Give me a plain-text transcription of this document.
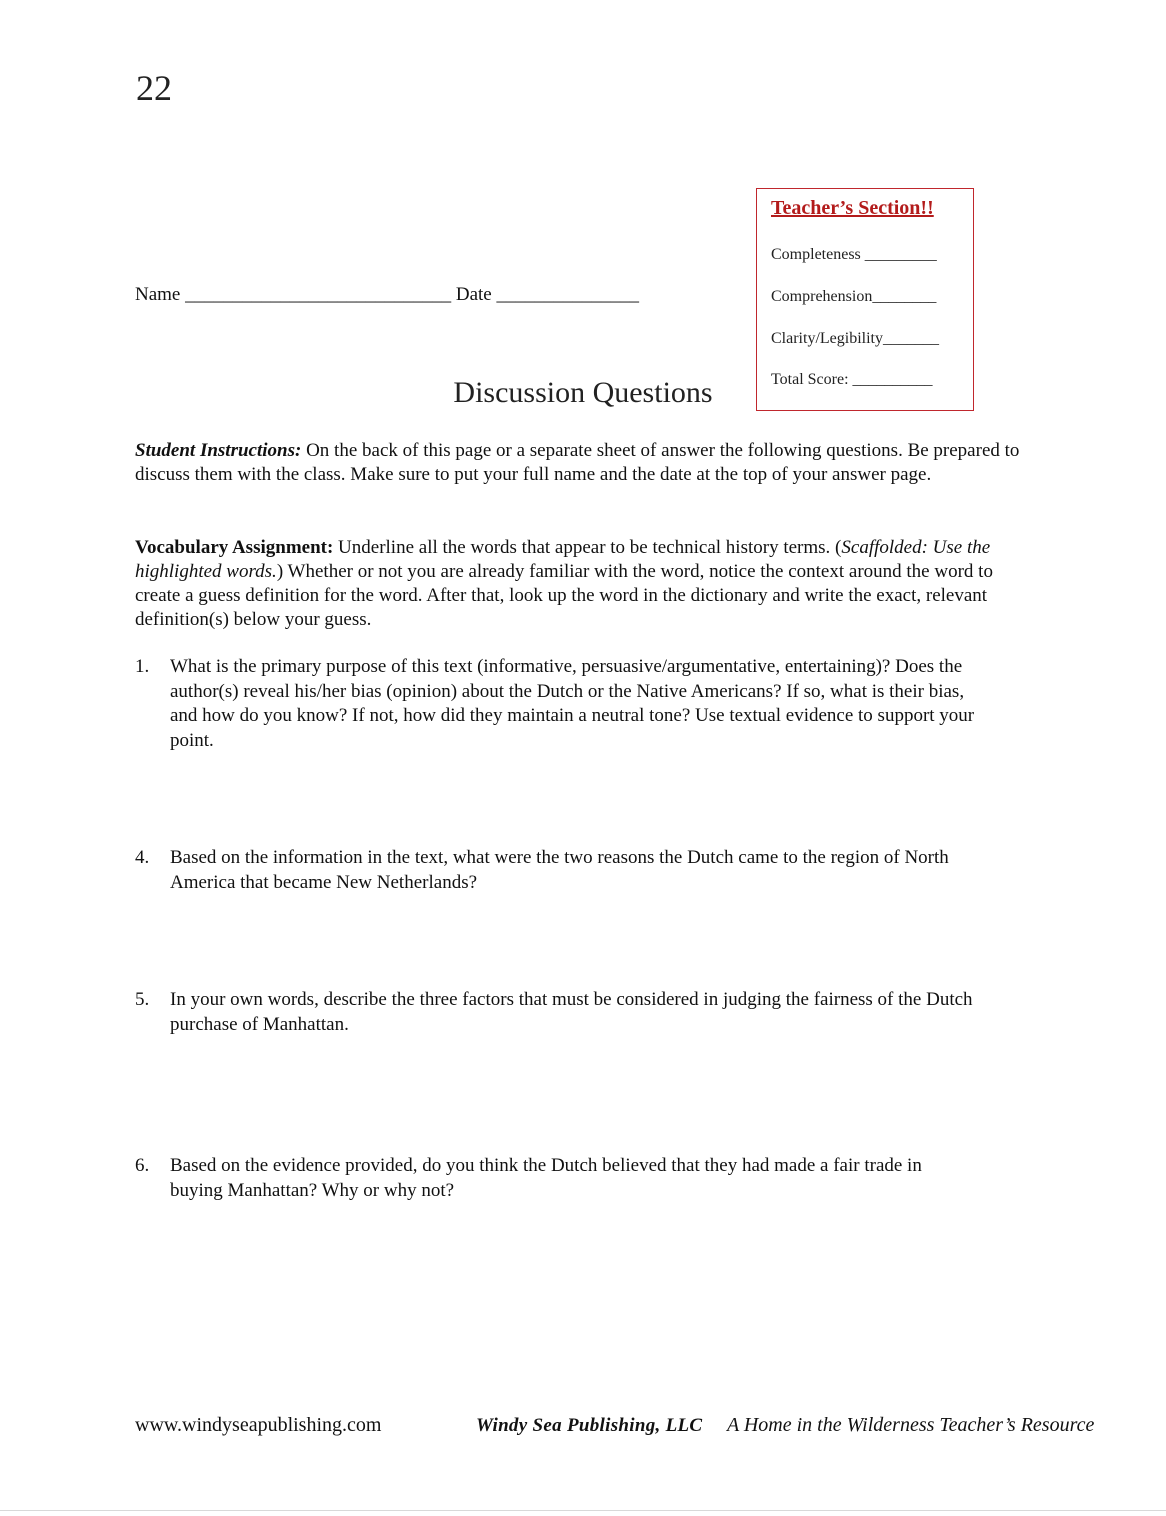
22
Teacher’s Section!!
Completeness _________
Comprehension________
Clarity/Legibility_______
Total Score: __________
Name ____________________________ Date _______________
Discussion Questions
Student Instructions: On the back of this page or a separate sheet of answer the following questions. Be prepared to discuss them with the class. Make sure to put your full name and the date at the top of your answer page.
Vocabulary Assignment: Underline all the words that appear to be technical history terms. (Scaffolded: Use the highlighted words.) Whether or not you are already familiar with the word, notice the context around the word to create a guess definition for the word. After that, look up the word in the dictionary and write the exact, relevant definition(s) below your guess.
1. What is the primary purpose of this text (informative, persuasive/argumentative, entertaining)? Does the author(s) reveal his/her bias (opinion) about the Dutch or the Native Americans? If so, what is their bias, and how do you know? If not, how did they maintain a neutral tone? Use textual evidence to support your point.
4. Based on the information in the text, what were the two reasons the Dutch came to the region of North America that became New Netherlands?
5. In your own words, describe the three factors that must be considered in judging the fairness of the Dutch purchase of Manhattan.
6. Based on the evidence provided, do you think the Dutch believed that they had made a fair trade in buying Manhattan? Why or why not?
www.windyseapublishing.com	Windy Sea Publishing, LLC A Home in the Wilderness Teacher’s Resource
